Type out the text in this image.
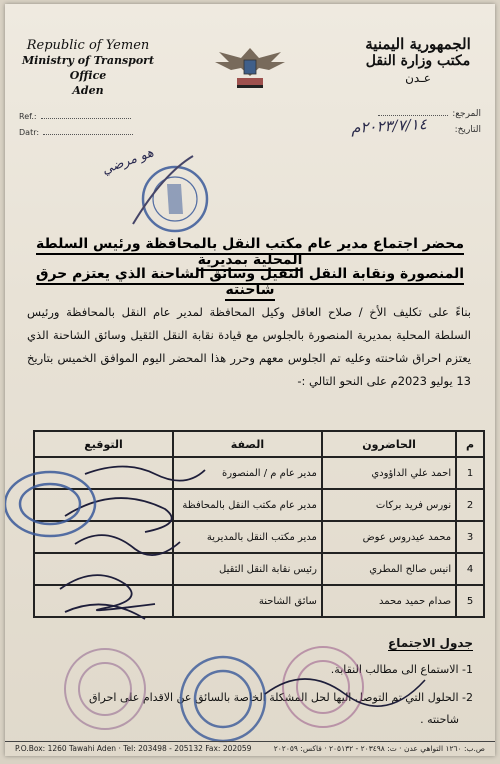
Republic of Yemen
Ministry of Transport Office
Aden
الجمهورية اليمنية
مكتب وزارة النقل
عـدن
Ref.:
Datr:
المرجع:
التاريخ:
٢٠٢٣/٧/١٤م
هو مرضي
محضر اجتماع مدير عام مكتب النقل بالمحافظة ورئيس السلطة المحلية بمديرية
المنصورة ونقابة النقل الثقيل وسائق الشاحنة الذي يعتزم حرق شاحنته
بناءً على تكليف الأخ / صلاح العاقل وكيل المحافظة لمدير عام النقل بالمحافظة ورئيس السلطة المحلية بمديرية المنصورة بالجلوس مع قيادة نقابة النقل الثقيل وسائق الشاحنة الذي يعتزم احراق شاحنته وعليه تم الجلوس معهم وحرر هذا المحضر اليوم الموافق الخميس بتاريخ 13 يوليو 2023م على النحو التالي :-
م	الحاضرون	الصفة	التوقيع
1	احمد علي الداؤودي	مدير عام م / المنصورة	
2	نورس فريد بركات	مدير عام مكتب النقل بالمحافظة	
3	محمد عيدروس عوض	مدير مكتب النقل بالمديرية	
4	انيس صالح المطري	رئيس نقابة النقل الثقيل	
5	صدام حميد محمد	سائق الشاحنة	
جدول الاجتماع
1- الاستماع الى مطالب النقابة.
2- الحلول التي تم التوصل اليها لحل المشكلة الخاصة بالسائق عن الاقدام على احراق
شاحنته .
P.O.Box: 1260 Tawahi Aden · Tel: 203498 - 205132 Fax: 202059	ص.ب: ١٢٦٠ التواهي عدن · ت: ٢٠٣٤٩٨ - ٢٠٥١٣٢ · فاكس: ٢٠٢٠٥٩
